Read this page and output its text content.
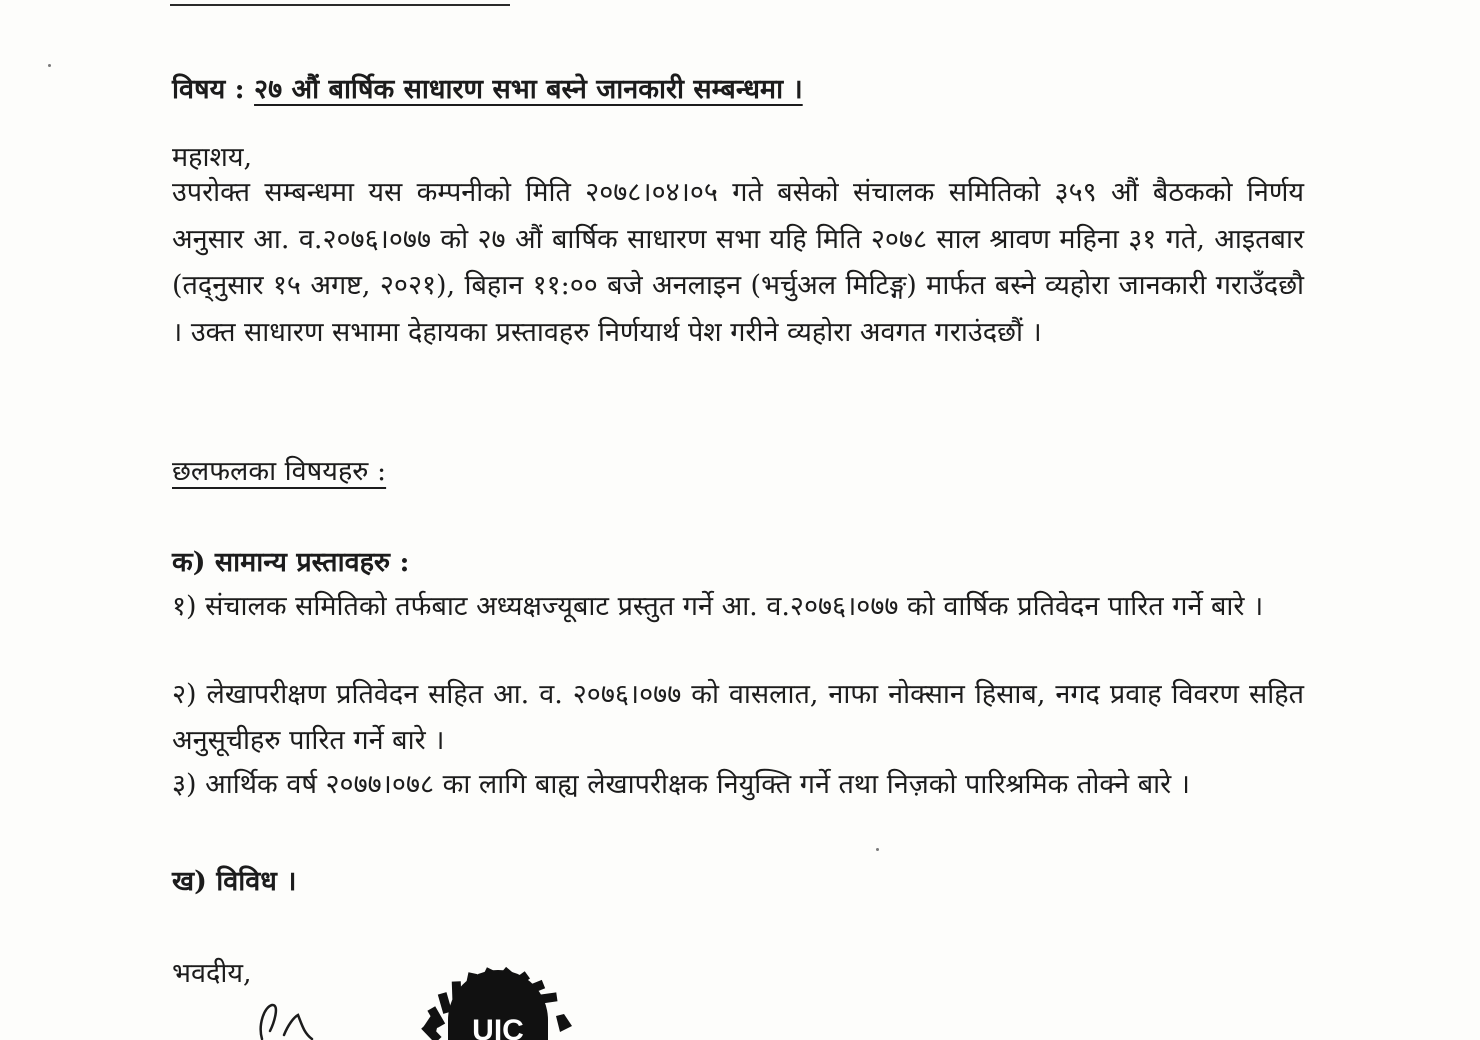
विषय : २७ औं बार्षिक साधारण सभा बस्ने जानकारी सम्बन्धमा ।
महाशय,
उपरोक्त सम्बन्धमा यस कम्पनीको मिति २०७८।०४।०५ गते बसेको संचालक समितिको ३५९ औं बैठकको निर्णय अनुसार आ. व.२०७६।०७७ को २७ औं बार्षिक साधारण सभा यहि मिति २०७८ साल श्रावण महिना ३१ गते, आइतबार (तद्नुसार १५ अगष्ट, २०२१), बिहान ११:०० बजे अनलाइन (भर्चुअल मिटिङ्ग) मार्फत बस्ने व्यहोरा जानकारी गराउँदछौ । उक्त साधारण सभामा देहायका प्रस्तावहरु निर्णयार्थ पेश गरीने व्यहोरा अवगत गराउंदछौं ।
छलफलका विषयहरु :
क) सामान्य प्रस्तावहरु :
१) संचालक समितिको तर्फबाट अध्यक्षज्यूबाट प्रस्तुत गर्ने आ. व.२०७६।०७७ को वार्षिक प्रतिवेदन पारित गर्ने बारे ।
२) लेखापरीक्षण प्रतिवेदन सहित आ. व. २०७६।०७७ को वासलात, नाफा नोक्सान हिसाब, नगद प्रवाह विवरण सहित अनुसूचीहरु पारित गर्ने बारे ।
३) आर्थिक वर्ष २०७७।०७८ का लागि बाह्य लेखापरीक्षक नियुक्ति गर्ने तथा निज़को पारिश्रमिक तोक्ने बारे ।
ख) विविध ।
भवदीय,
UIC
